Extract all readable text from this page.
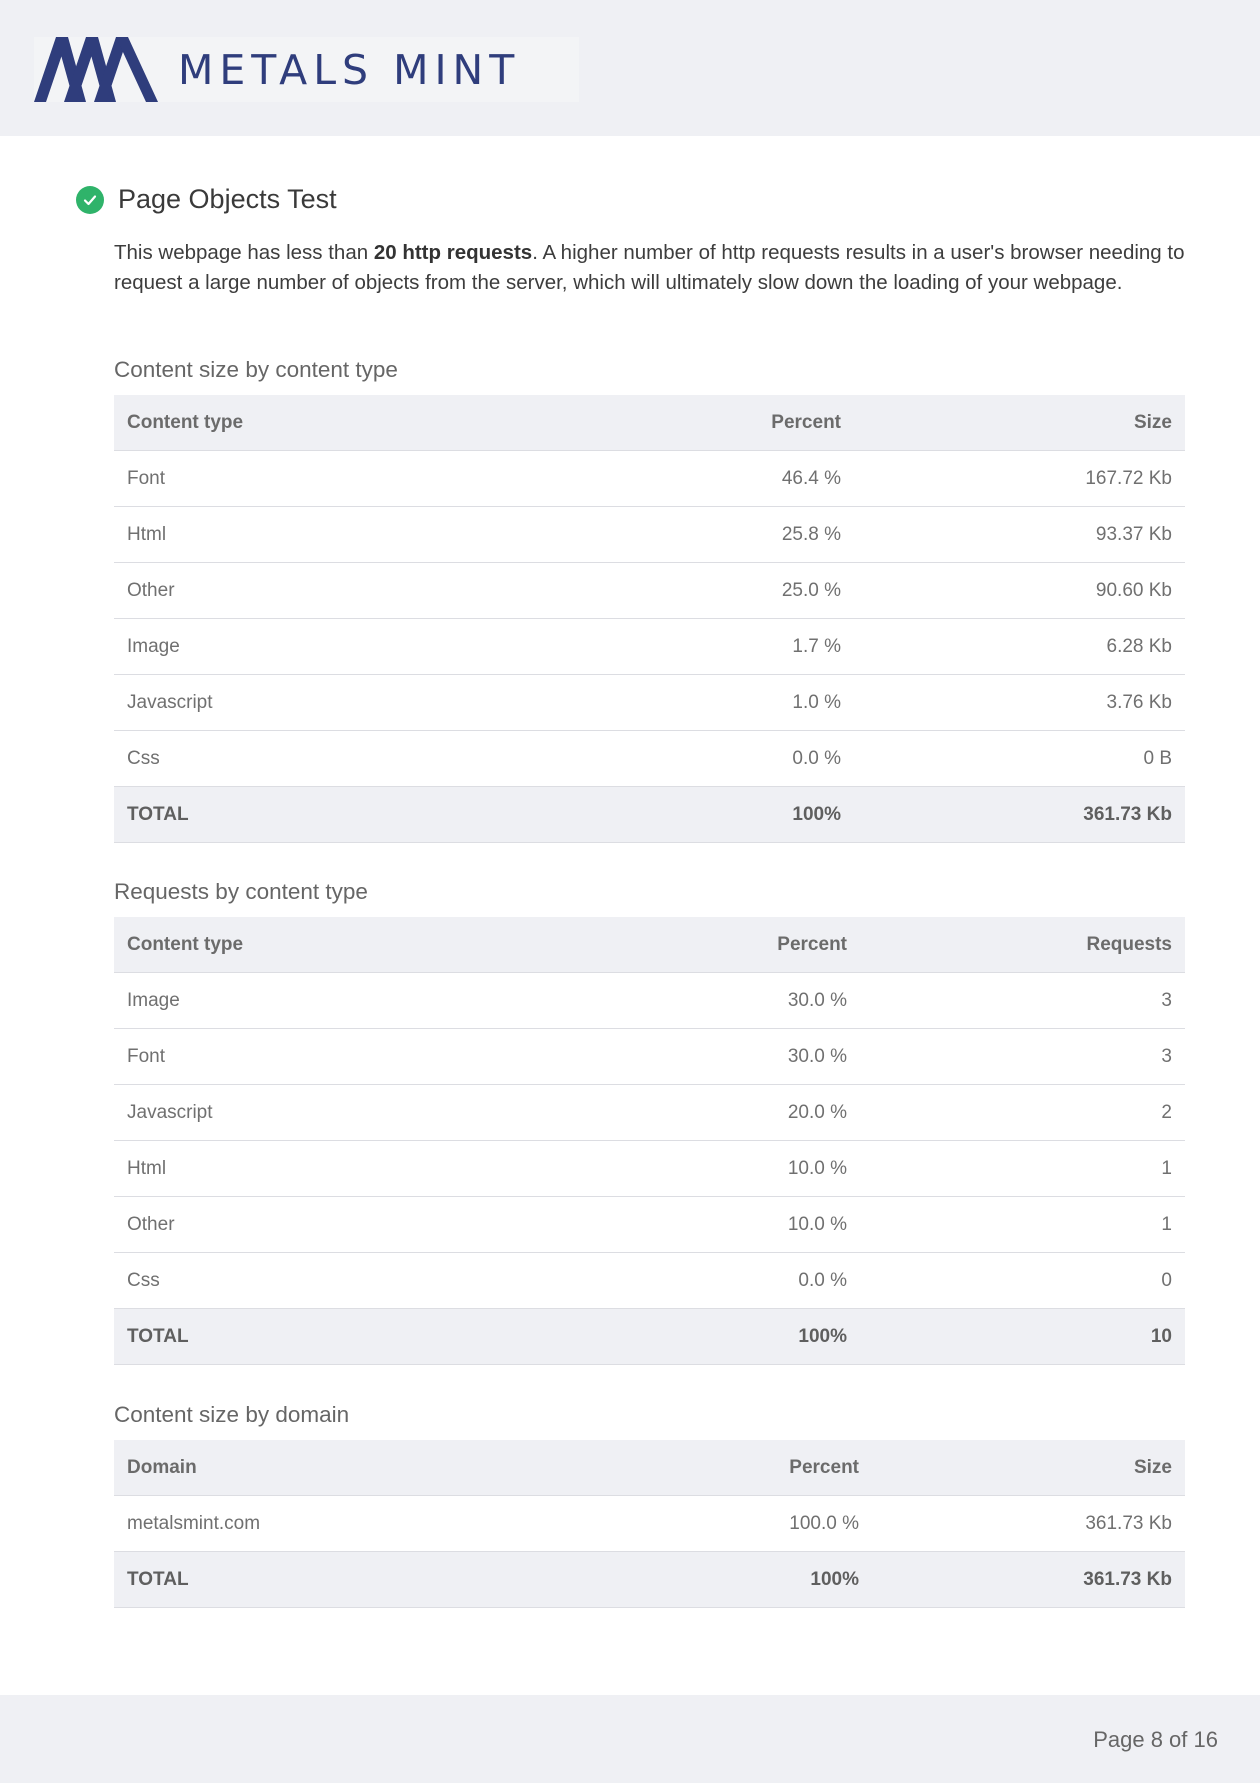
METALS MINT
Page Objects Test

This webpage has less than 20 http requests. A higher number of http requests results in a user's browser needing to request a large number of objects from the server, which will ultimately slow down the loading of your webpage.

Content size by content type
Content type	Percent	Size
Font	46.4 %	167.72 Kb
Html	25.8 %	93.37 Kb
Other	25.0 %	90.60 Kb
Image	1.7 %	6.28 Kb
Javascript	1.0 %	3.76 Kb
Css	0.0 %	0 B
TOTAL	100%	361.73 Kb
Requests by content type
Content type	Percent	Requests
Image	30.0 %	3
Font	30.0 %	3
Javascript	20.0 %	2
Html	10.0 %	1
Other	10.0 %	1
Css	0.0 %	0
TOTAL	100%	10
Content size by domain
Domain	Percent	Size
metalsmint.com	100.0 %	361.73 Kb
TOTAL	100%	361.73 Kb
Page 8 of 16
